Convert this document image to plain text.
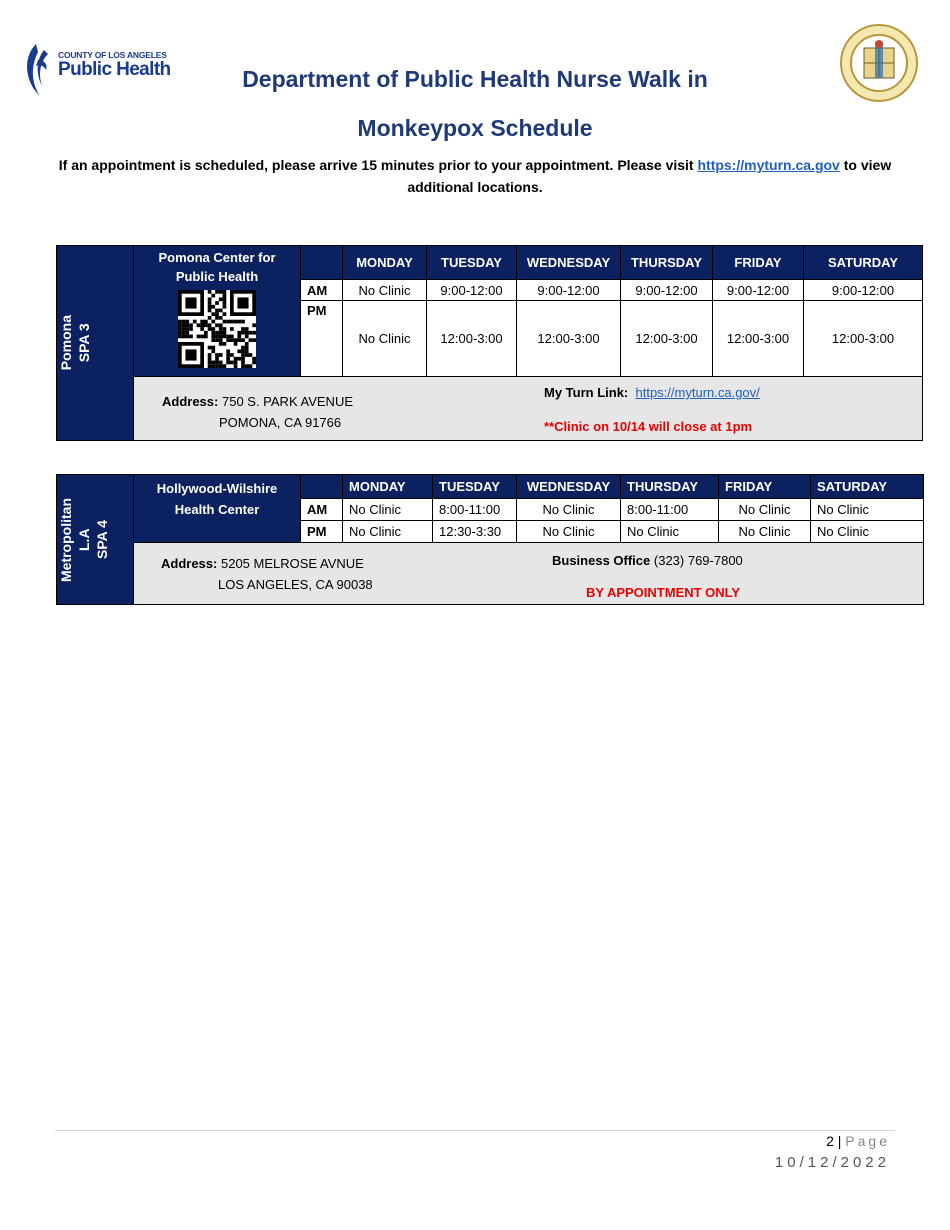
COUNTY OF LOS ANGELES
Public Health	Department of Public Health Nurse Walk in
Monkeypox Schedule
If an appointment is scheduled, please arrive 15 minutes prior to your appointment. Please visit https://myturn.ca.gov to view additional locations.
Pomona SPA 3	Pomona Center for Public Health		MONDAY	TUESDAY	WEDNESDAY	THURSDAY	FRIDAY	SATURDAY
		AM	No Clinic	9:00-12:00	9:00-12:00	9:00-12:00	9:00-12:00	9:00-12:00
		PM	No Clinic	12:00-3:00	12:00-3:00	12:00-3:00	12:00-3:00	12:00-3:00

	Address: 750 S. PARK AVENUE
POMONA, CA 91766
My Turn Link: https://myturn.ca.gov/
**Clinic on 10/14 will close at 1pm							
Metropolitan L.A SPA 4	Hollywood-Wilshire Health Center		MONDAY	TUESDAY	WEDNESDAY	THURSDAY	FRIDAY	SATURDAY
		AM	No Clinic	8:00-11:00	No Clinic	8:00-11:00	No Clinic	No Clinic
		PM	No Clinic	12:30-3:30	No Clinic	No Clinic	No Clinic	No Clinic

	Address: 5205 MELROSE AVNUE
LOS ANGELES, CA 90038
Business Office (323) 769-7800
BY APPOINTMENT ONLY							
2 | Page
10/12/2022
